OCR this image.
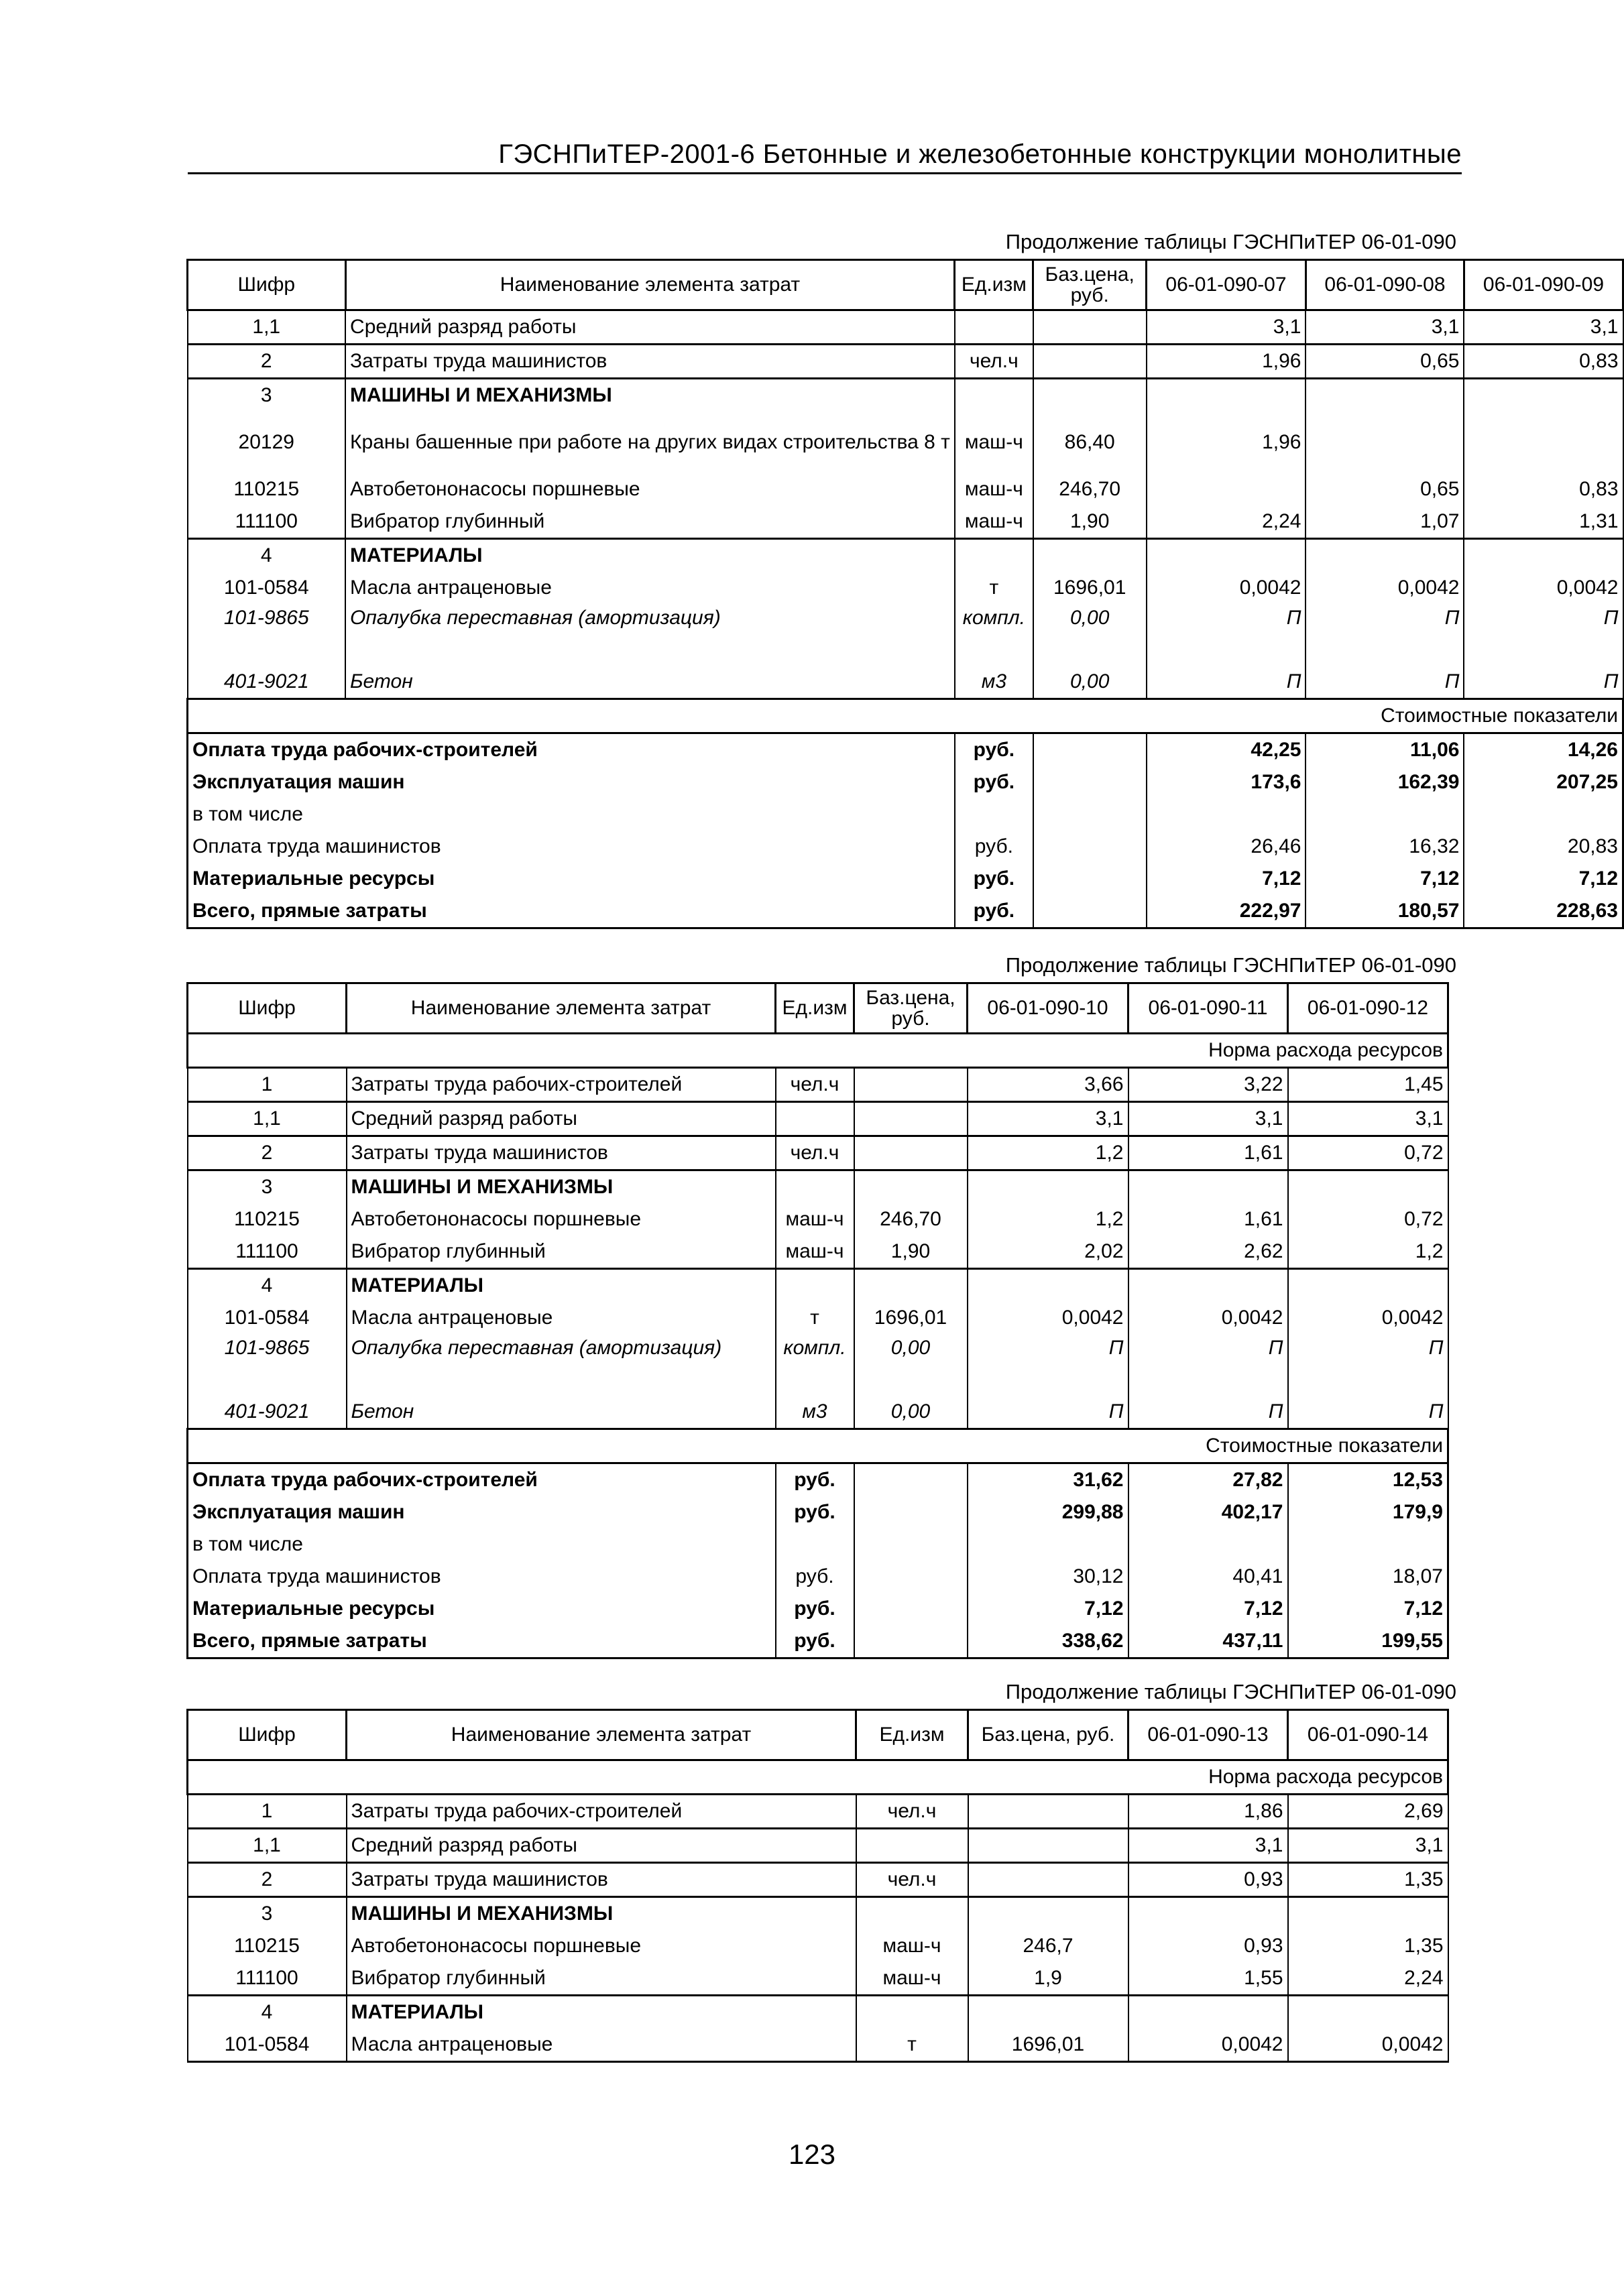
ГЭСНПиТЕР-2001-6 Бетонные и железобетонные конструкции монолитные
Продолжение таблицы ГЭСНПиТЕР 06-01-090
Шифр	Наименование элемента затрат	Ед.изм	Баз.цена, руб.	06-01-090-07	06-01-090-08	06-01-090-09
1,1	Средний разряд работы			3,1	3,1	3,1
2	Затраты труда машинистов	чел.ч		1,96	0,65	0,83
3	МАШИНЫ И МЕХАНИЗМЫ					
20129	Краны башенные при работе на других видах строительства 8 т	маш-ч	86,40	1,96		
110215	Автобетононасосы поршневые	маш-ч	246,70		0,65	0,83
111100	Вибратор глубинный	маш-ч	1,90	2,24	1,07	1,31
4	МАТЕРИАЛЫ					
101-0584	Масла антраценовые	т	1696,01	0,0042	0,0042	0,0042
101-9865	Опалубка переставная (амортизация)	компл.	0,00	П	П	П
401-9021	Бетон	м3	0,00	П	П	П
Стоимостные показатели						
Оплата труда рабочих-строителей		руб.		42,25	11,06	14,26
Эксплуатация машин		руб.		173,6	162,39	207,25
в том числе						
Оплата труда машинистов		руб.		26,46	16,32	20,83
Материальные ресурсы		руб.		7,12	7,12	7,12
Всего, прямые затраты		руб.		222,97	180,57	228,63
Продолжение таблицы ГЭСНПиТЕР 06-01-090
Шифр	Наименование элемента затрат	Ед.изм	Баз.цена, руб.	06-01-090-10	06-01-090-11	06-01-090-12
Норма расхода ресурсов						
1	Затраты труда рабочих-строителей	чел.ч		3,66	3,22	1,45
1,1	Средний разряд работы			3,1	3,1	3,1
2	Затраты труда машинистов	чел.ч		1,2	1,61	0,72
3	МАШИНЫ И МЕХАНИЗМЫ					
110215	Автобетононасосы поршневые	маш-ч	246,70	1,2	1,61	0,72
111100	Вибратор глубинный	маш-ч	1,90	2,02	2,62	1,2
4	МАТЕРИАЛЫ					
101-0584	Масла антраценовые	т	1696,01	0,0042	0,0042	0,0042
101-9865	Опалубка переставная (амортизация)	компл.	0,00	П	П	П
401-9021	Бетон	м3	0,00	П	П	П
Стоимостные показатели						
Оплата труда рабочих-строителей		руб.		31,62	27,82	12,53
Эксплуатация машин		руб.		299,88	402,17	179,9
в том числе						
Оплата труда машинистов		руб.		30,12	40,41	18,07
Материальные ресурсы		руб.		7,12	7,12	7,12
Всего, прямые затраты		руб.		338,62	437,11	199,55
Продолжение таблицы ГЭСНПиТЕР 06-01-090
Шифр	Наименование элемента затрат	Ед.изм	Баз.цена, руб.	06-01-090-13	06-01-090-14
Норма расхода ресурсов					
1	Затраты труда рабочих-строителей	чел.ч		1,86	2,69
1,1	Средний разряд работы			3,1	3,1
2	Затраты труда машинистов	чел.ч		0,93	1,35
3	МАШИНЫ И МЕХАНИЗМЫ				
110215	Автобетононасосы поршневые	маш-ч	246,7	0,93	1,35
111100	Вибратор глубинный	маш-ч	1,9	1,55	2,24
4	МАТЕРИАЛЫ				
101-0584	Масла антраценовые	т	1696,01	0,0042	0,0042
123
